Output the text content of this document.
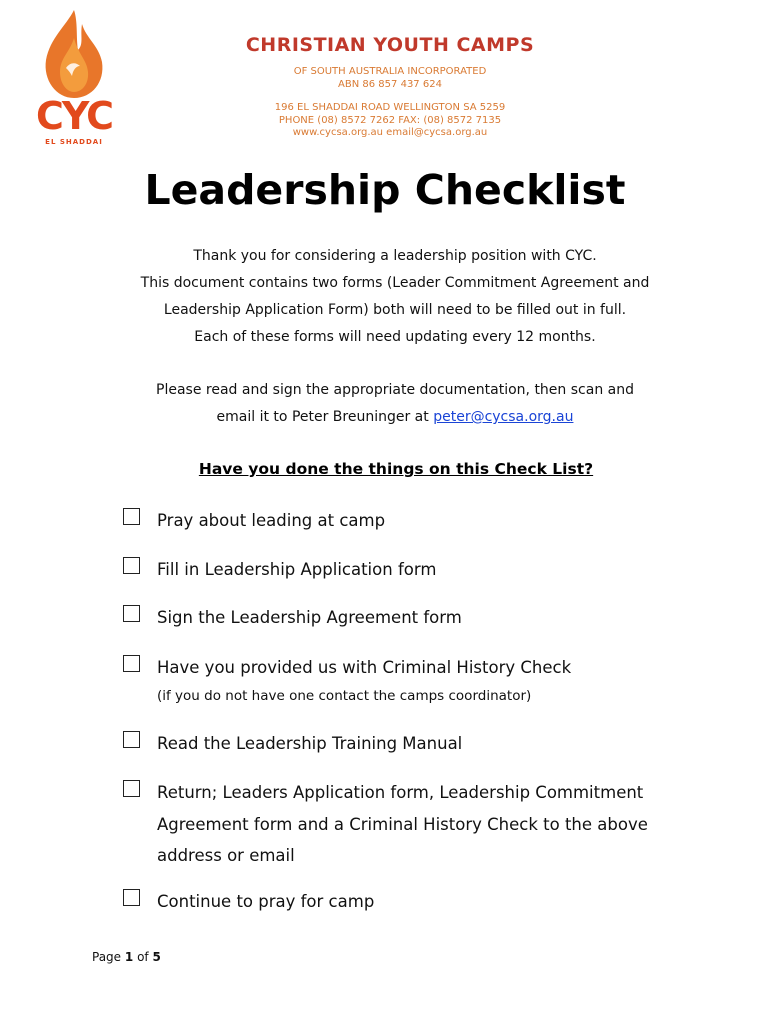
CYC
EL SHADDAI
CHRISTIAN YOUTH CAMPS
OF SOUTH AUSTRALIA INCORPORATED
ABN 86 857 437 624
196 EL SHADDAI ROAD WELLINGTON SA 5259
PHONE (08) 8572 7262 FAX: (08) 8572 7135
www.cycsa.org.au email@cycsa.org.au
Leadership Checklist
Thank you for considering a leadership position with CYC.
This document contains two forms (Leader Commitment Agreement and
Leadership Application Form) both will need to be filled out in full.
Each of these forms will need updating every 12 months.
Please read and sign the appropriate documentation, then scan and
email it to Peter Breuninger at peter@cycsa.org.au
Have you done the things on this Check List?
Pray about leading at camp
Fill in Leadership Application form
Sign the Leadership Agreement form
Have you provided us with Criminal History Check
(if you do not have one contact the camps coordinator)
Read the Leadership Training Manual
Return; Leaders Application form, Leadership Commitment Agreement form and a Criminal History Check to the above address or email
Continue to pray for camp
Page 1 of 5
